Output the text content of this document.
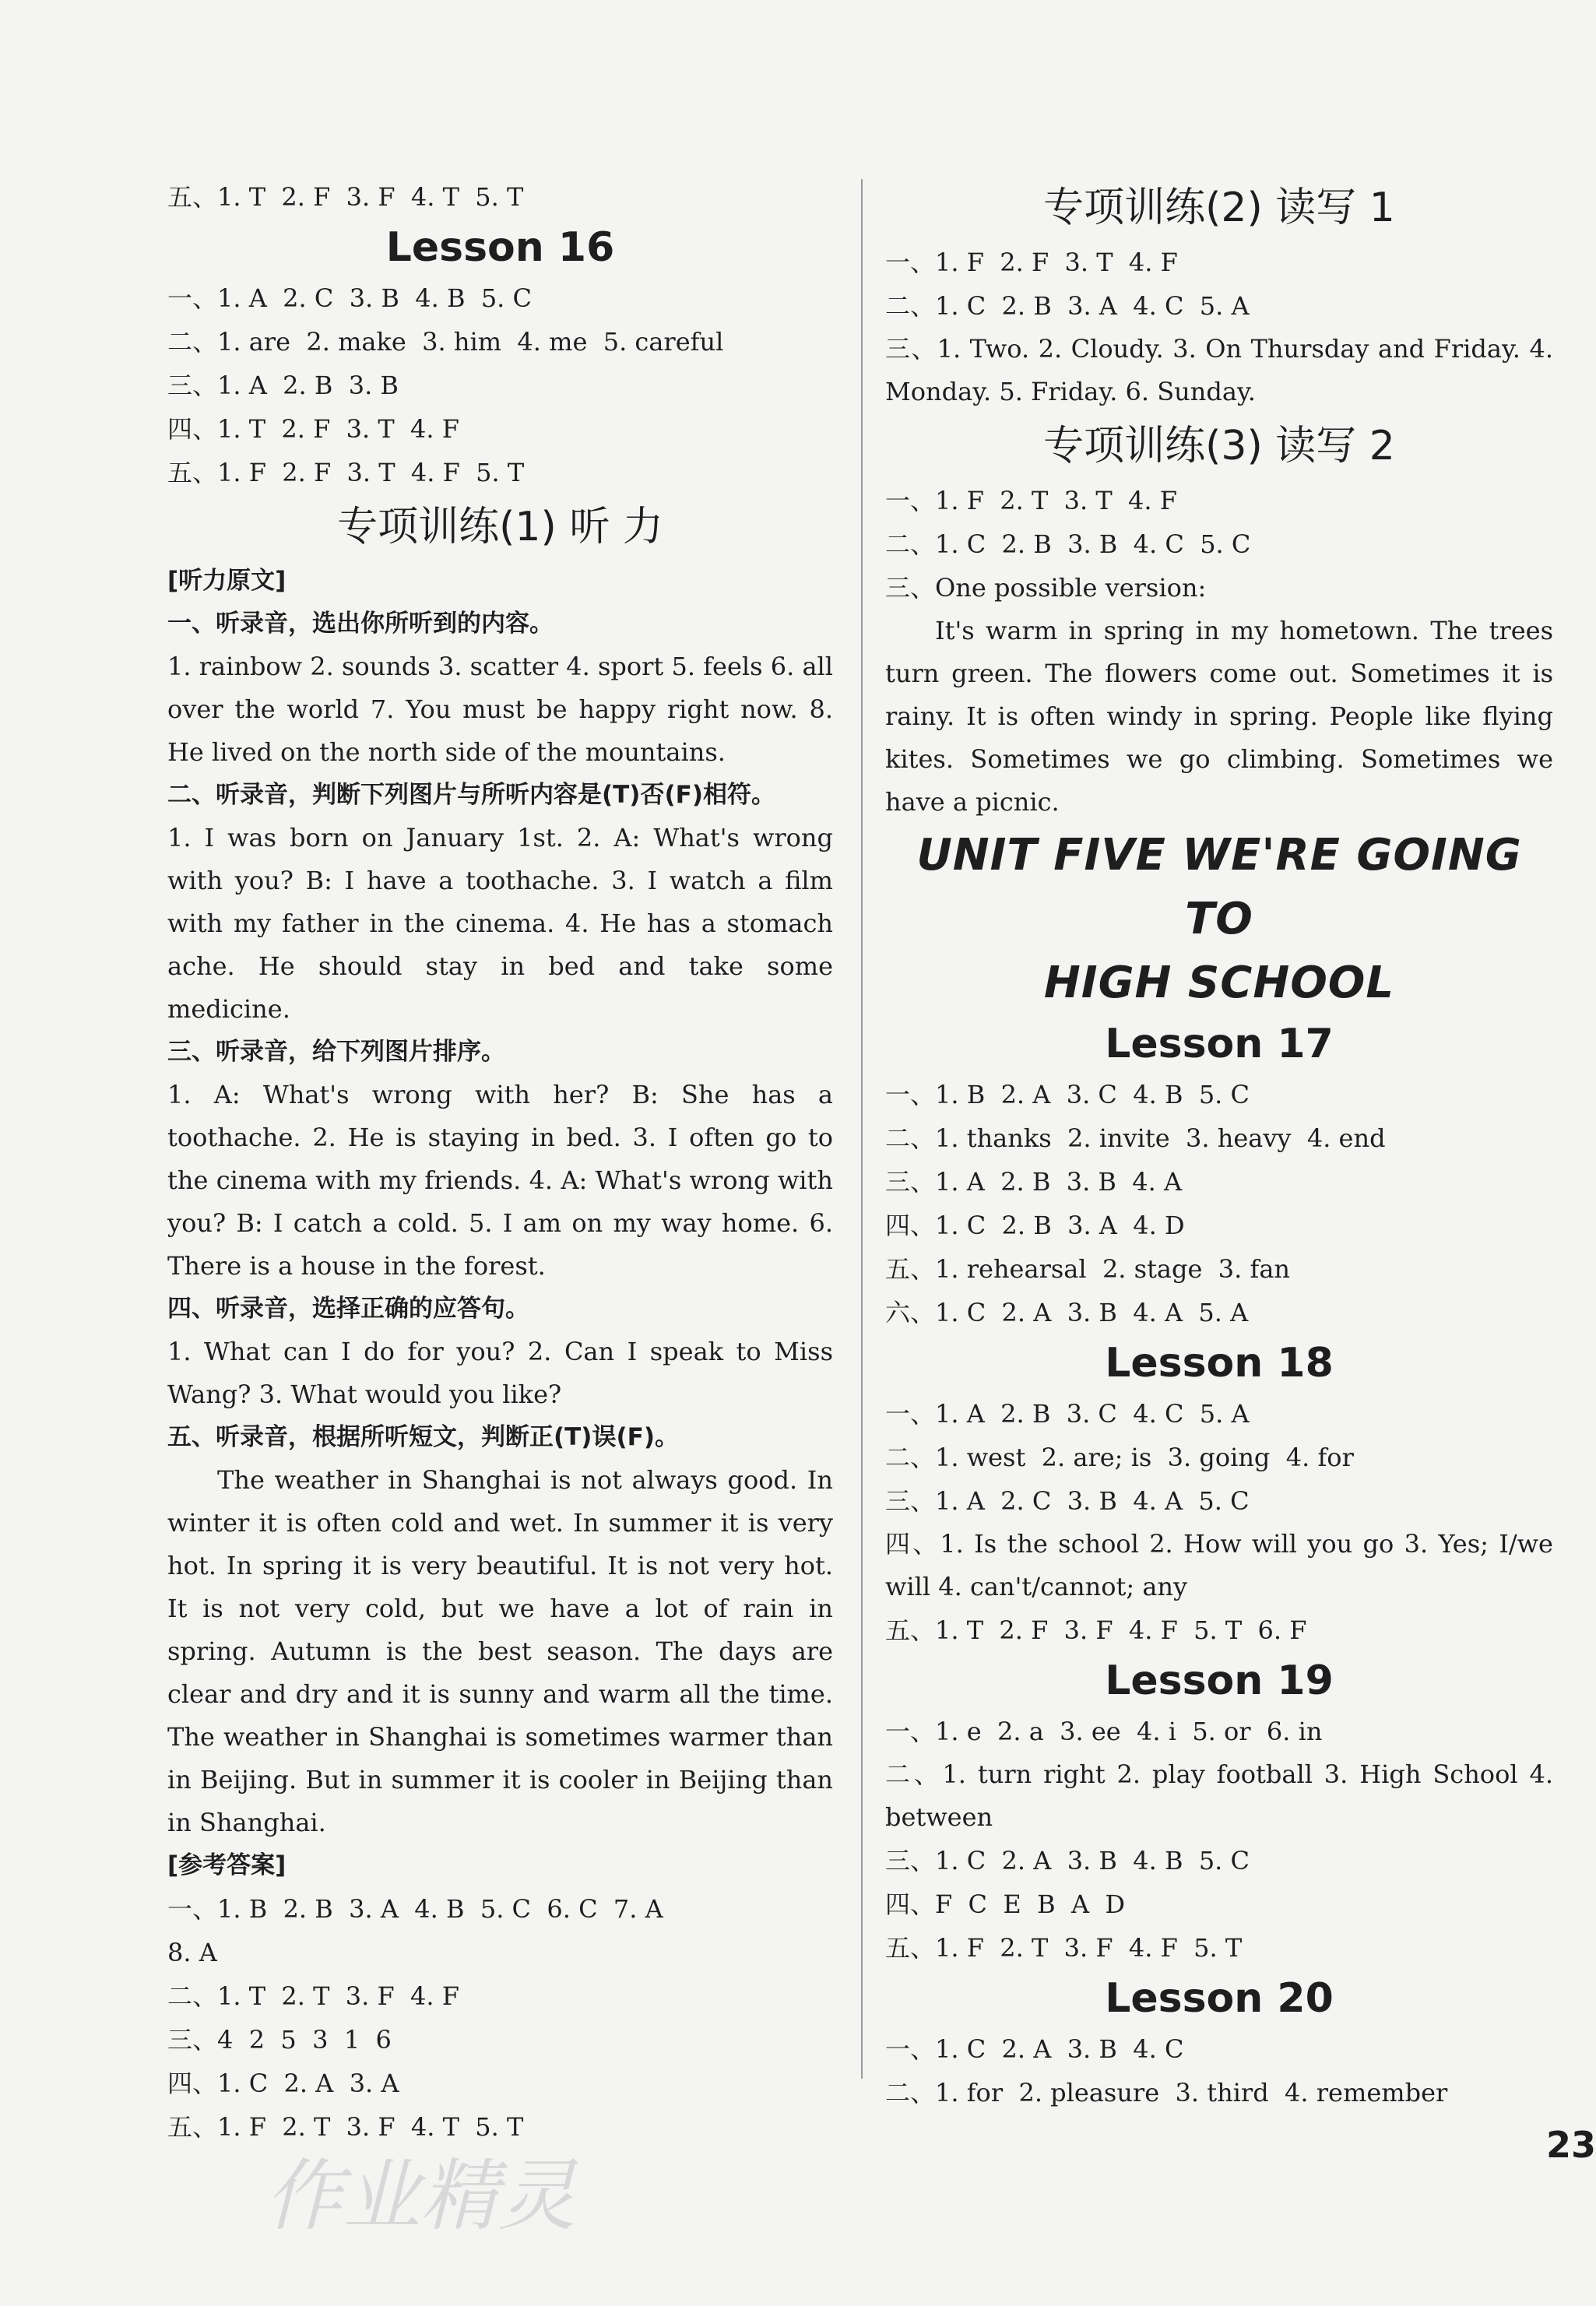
五、1. T  2. F  3. F  4. T  5. T
Lesson 16
一、1. A  2. C  3. B  4. B  5. C
二、1. are  2. make  3. him  4. me  5. careful
三、1. A  2. B  3. B
四、1. T  2. F  3. T  4. F
五、1. F  2. F  3. T  4. F  5. T
专项训练(1) 听 力
[听力原文]
一、听录音，选出你所听到的内容。

1. rainbow 2. sounds 3. scatter 4. sport 5. feels 6. all over the world 7. You must be happy right now. 8. He lived on the north side of the mountains.

二、听录音，判断下列图片与所听内容是(T)否(F)相符。

1. I was born on January 1st. 2. A: What's wrong with you? B: I have a toothache. 3. I watch a film with my father in the cinema. 4. He has a stomach ache. He should stay in bed and take some medicine.

三、听录音，给下列图片排序。

1. A: What's wrong with her? B: She has a toothache. 2. He is staying in bed. 3. I often go to the cinema with my friends. 4. A: What's wrong with you? B: I catch a cold. 5. I am on my way home. 6. There is a house in the forest.

四、听录音，选择正确的应答句。

1. What can I do for you? 2. Can I speak to Miss Wang? 3. What would you like?

五、听录音，根据所听短文，判断正(T)误(F)。

The weather in Shanghai is not always good. In winter it is often cold and wet. In summer it is very hot. In spring it is very beautiful. It is not very hot. It is not very cold, but we have a lot of rain in spring. Autumn is the best season. The days are clear and dry and it is sunny and warm all the time. The weather in Shanghai is sometimes warmer than in Beijing. But in summer it is cooler in Beijing than in Shanghai.

[参考答案]
一、1. B  2. B  3. A  4. B  5. C  6. C  7. A
8. A
二、1. T  2. T  3. F  4. F
三、4  2  5  3  1  6
四、1. C  2. A  3. A
五、1. F  2. T  3. F  4. T  5. T
专项训练(2) 读写 1
一、1. F  2. F  3. T  4. F
二、1. C  2. B  3. A  4. C  5. A

三、1. Two. 2. Cloudy. 3. On Thursday and Friday. 4. Monday. 5. Friday. 6. Sunday.

专项训练(3) 读写 2
一、1. F  2. T  3. T  4. F
二、1. C  2. B  3. B  4. C  5. C
三、One possible version:

It's warm in spring in my hometown. The trees turn green. The flowers come out. Sometimes it is rainy. It is often windy in spring. People like flying kites. Sometimes we go climbing. Sometimes we have a picnic.

UNIT FIVE WE'RE GOING TO
HIGH SCHOOL
Lesson 17
一、1. B  2. A  3. C  4. B  5. C
二、1. thanks  2. invite  3. heavy  4. end
三、1. A  2. B  3. B  4. A
四、1. C  2. B  3. A  4. D
五、1. rehearsal  2. stage  3. fan
六、1. C  2. A  3. B  4. A  5. A
Lesson 18
一、1. A  2. B  3. C  4. C  5. A
二、1. west  2. are; is  3. going  4. for
三、1. A  2. C  3. B  4. A  5. C

四、1. Is the school 2. How will you go 3. Yes; I/we will 4. can't/cannot; any

五、1. T  2. F  3. F  4. F  5. T  6. F
Lesson 19
一、1. e  2. a  3. ee  4. i  5. or  6. in

二、1. turn right 2. play football 3. High School 4. between

三、1. C  2. A  3. B  4. B  5. C
四、F  C  E  B  A  D
五、1. F  2. T  3. F  4. F  5. T
Lesson 20
一、1. C  2. A  3. B  4. C
二、1. for  2. pleasure  3. third  4. remember
作业精灵
23
